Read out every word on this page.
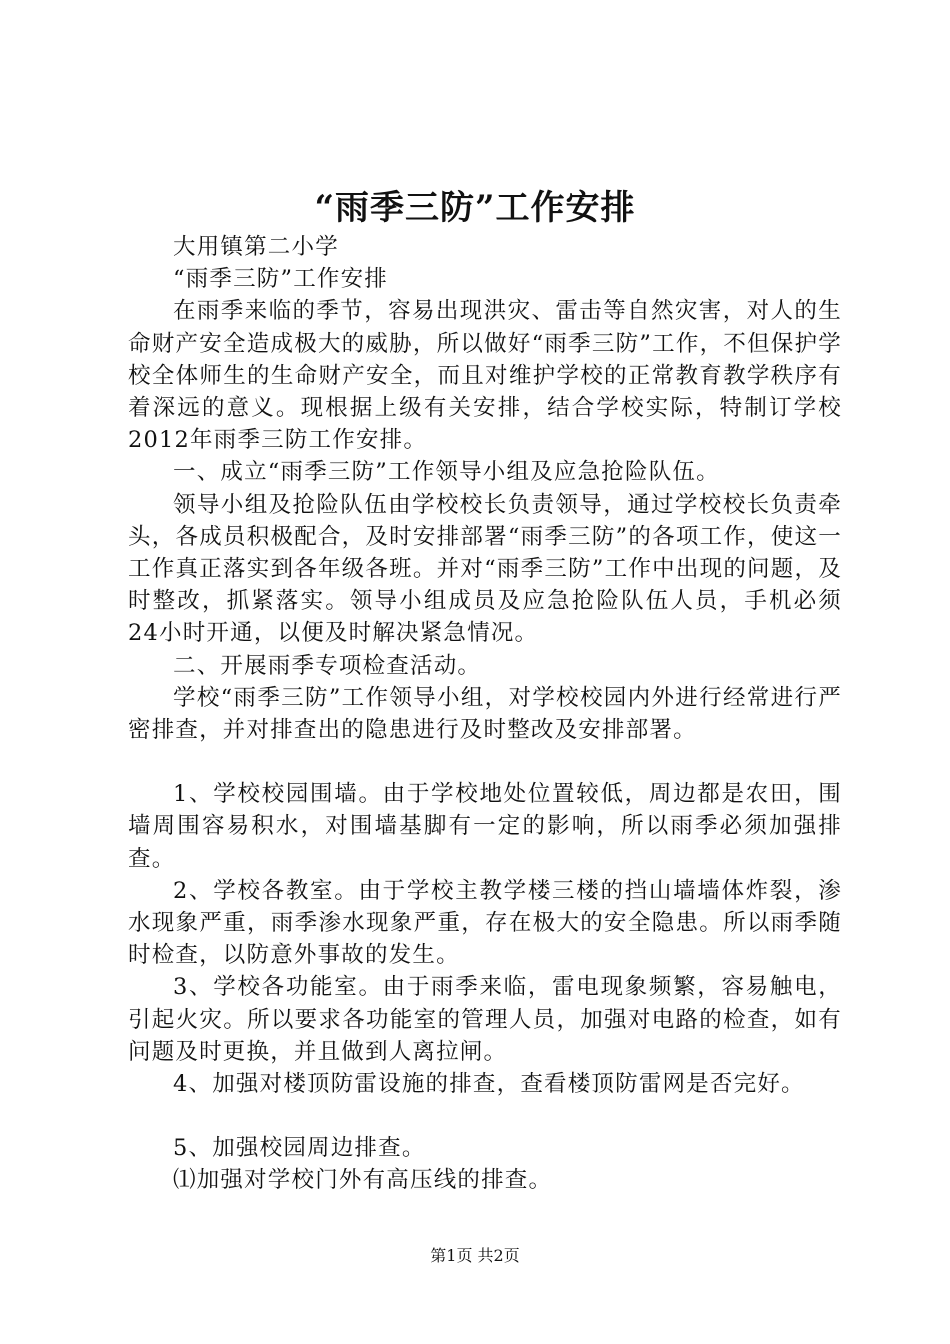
“雨季三防”工作安排

大用镇第二小学

“雨季三防”工作安排

在雨季来临的季节，容易出现洪灾、雷击等自然灾害，对人的生命财产安全造成极大的威胁，所以做好“雨季三防”工作，不但保护学校全体师生的生命财产安全，而且对维护学校的正常教育教学秩序有着深远的意义。现根据上级有关安排，结合学校实际，特制订学校2012年雨季三防工作安排。

一、成立“雨季三防”工作领导小组及应急抢险队伍。

领导小组及抢险队伍由学校校长负责领导，通过学校校长负责牵头，各成员积极配合，及时安排部署“雨季三防”的各项工作，使这一工作真正落实到各年级各班。并对“雨季三防”工作中出现的问题，及时整改，抓紧落实。领导小组成员及应急抢险队伍人员，手机必须24小时开通，以便及时解决紧急情况。

二、开展雨季专项检查活动。

学校“雨季三防”工作领导小组，对学校校园内外进行经常进行严密排查，并对排查出的隐患进行及时整改及安排部署。

1、学校校园围墙。由于学校地处位置较低，周边都是农田，围墙周围容易积水，对围墙基脚有一定的影响，所以雨季必须加强排查。

2、学校各教室。由于学校主教学楼三楼的挡山墙墙体炸裂，渗水现象严重，雨季渗水现象严重，存在极大的安全隐患。所以雨季随时检查，以防意外事故的发生。

3、学校各功能室。由于雨季来临，雷电现象频繁，容易触电，引起火灾。所以要求各功能室的管理人员，加强对电路的检查，如有问题及时更换，并且做到人离拉闸。

4、加强对楼顶防雷设施的排查，查看楼顶防雷网是否完好。

5、加强校园周边排查。

⑴加强对学校门外有高压线的排查。

第1页 共2页
